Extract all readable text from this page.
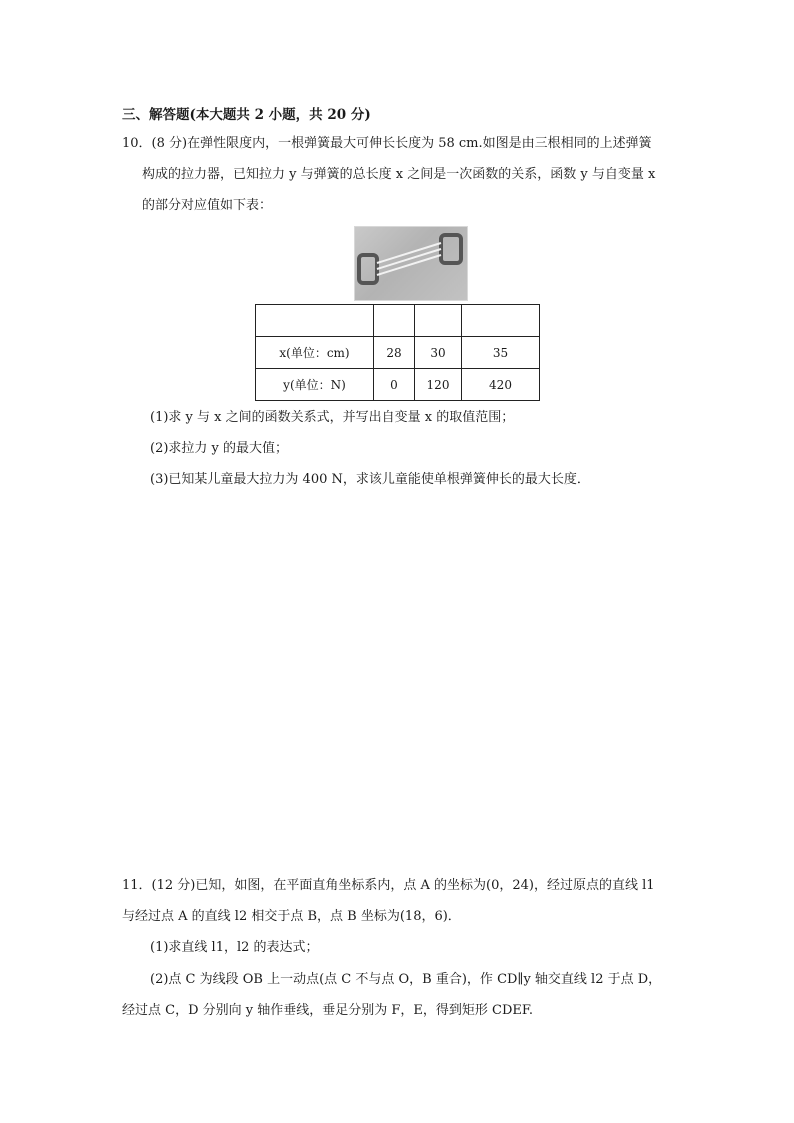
三、解答题(本大题共 2 小题，共 20 分)
10．(8 分)在弹性限度内，一根弹簧最大可伸长长度为 58 cm.如图是由三根相同的上述弹簧
构成的拉力器，已知拉力 y 与弹簧的总长度 x 之间是一次函数的关系，函数 y 与自变量 x
的部分对应值如下表：

x(单位：cm)	28	30	35
y(单位：N)	0	120	420
(1)求 y 与 x 之间的函数关系式，并写出自变量 x 的取值范围；
(2)求拉力 y 的最大值；
(3)已知某儿童最大拉力为 400 N，求该儿童能使单根弹簧伸长的最大长度．
11．(12 分)已知，如图，在平面直角坐标系内，点 A 的坐标为(0，24)，经过原点的直线 l1
与经过点 A 的直线 l2 相交于点 B，点 B 坐标为(18，6)．
(1)求直线 l1，l2 的表达式；
(2)点 C 为线段 OB 上一动点(点 C 不与点 O，B 重合)，作 CD∥y 轴交直线 l2 于点 D，
经过点 C，D 分别向 y 轴作垂线，垂足分别为 F，E，得到矩形 CDEF.
